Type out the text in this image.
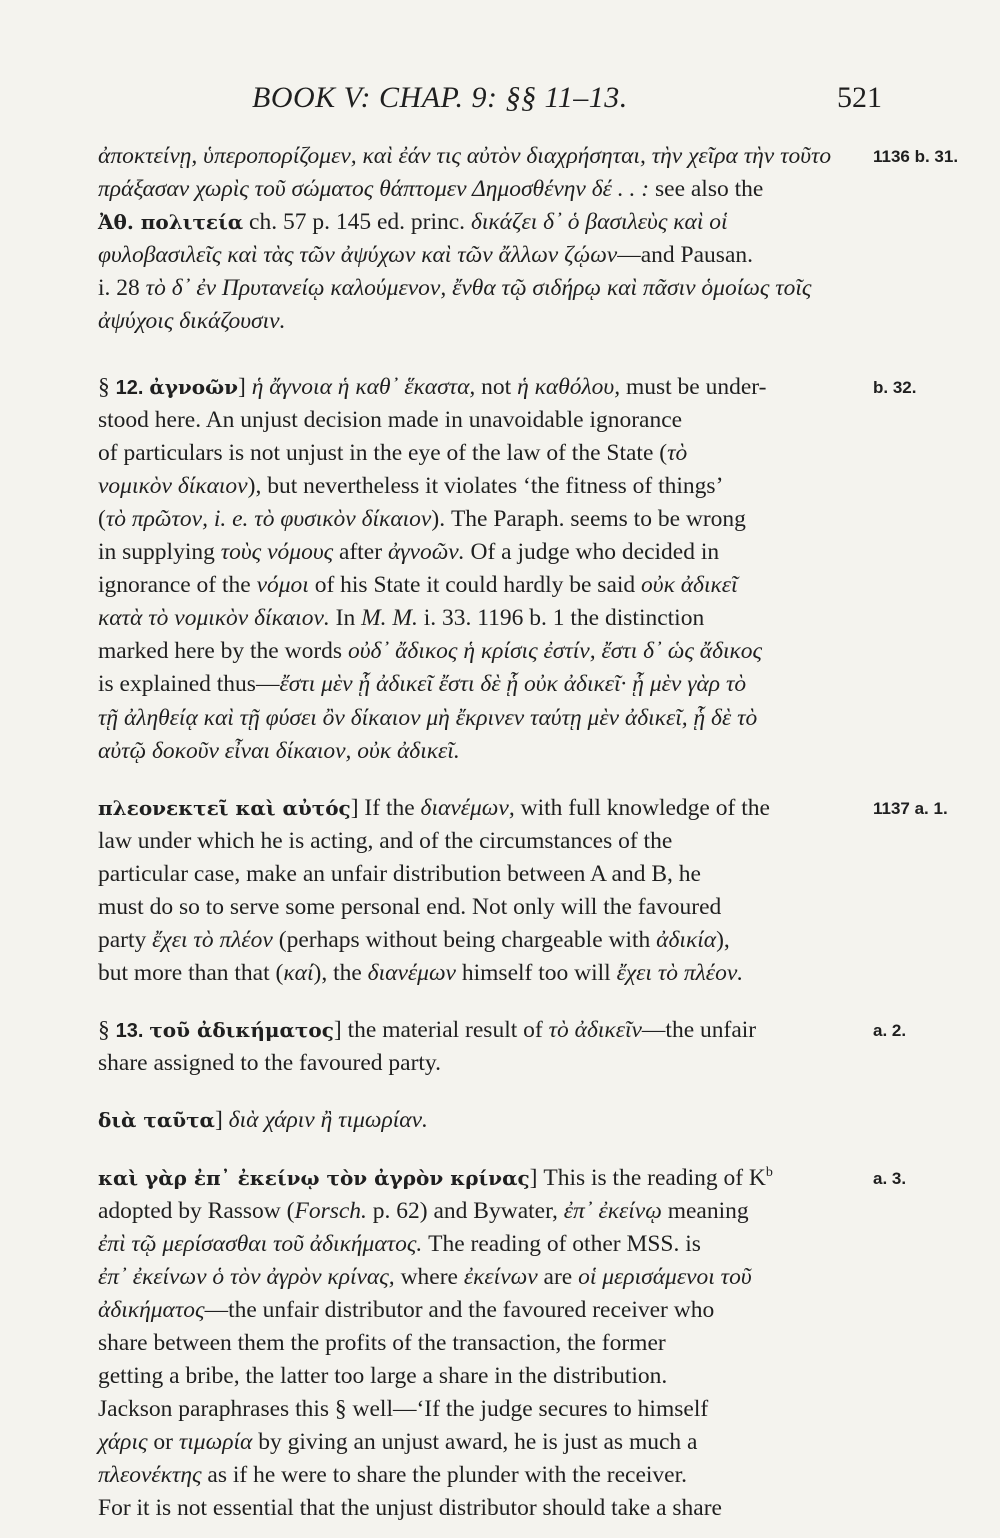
BOOK V: CHAP. 9: §§ 11–13.	521
ἀποκτείνῃ, ὑπεροπορίζομεν, καὶ ἐάν τις αὐτὸν διαχρήσηται, τὴν χεῖρα τὴν τοῦτο 1136 b. 31.
πράξασαν χωρὶς τοῦ σώματος θάπτομεν Δημοσθένην δέ . . : see also the
Ἀθ. πολιτεία ch. 57 p. 145 ed. princ. δικάζει δ᾽ ὁ βασιλεὺς καὶ οἱ
φυλοβασιλεῖς καὶ τὰς τῶν ἀψύχων καὶ τῶν ἄλλων ζῴων—and Pausan.
i. 28 τὸ δ᾽ ἐν Πρυτανείῳ καλούμενον, ἔνθα τῷ σιδήρῳ καὶ πᾶσιν ὁμοίως τοῖς
ἀψύχοις δικάζουσιν.
§ 12. ἀγνοῶν] ἡ ἄγνοια ἡ καθ᾽ ἕκαστα, not ἡ καθόλου, must be under-	b. 32.
stood here. An unjust decision made in unavoidable ignorance
of particulars is not unjust in the eye of the law of the State (τὸ
νομικὸν δίκαιον), but nevertheless it violates ‘the fitness of things’
(τὸ πρῶτον, i. e. τὸ φυσικὸν δίκαιον). The Paraph. seems to be wrong
in supplying τοὺς νόμους after ἀγνοῶν. Of a judge who decided in
ignorance of the νόμοι of his State it could hardly be said οὐκ ἀδικεῖ
κατὰ τὸ νομικὸν δίκαιον. In M. M. i. 33. 1196 b. 1 the distinction
marked here by the words οὐδ᾽ ἄδικος ἡ κρίσις ἐστίν, ἔστι δ᾽ ὡς ἄδικος
is explained thus—ἔστι μὲν ᾗ ἀδικεῖ ἔστι δὲ ᾗ οὐκ ἀδικεῖ· ᾗ μὲν γὰρ τὸ
τῇ ἀληθείᾳ καὶ τῇ φύσει ὂν δίκαιον μὴ ἔκρινεν ταύτῃ μὲν ἀδικεῖ, ᾗ δὲ τὸ
αὐτῷ δοκοῦν εἶναι δίκαιον, οὐκ ἀδικεῖ.
πλεονεκτεῖ καὶ αὐτός] If the διανέμων, with full knowledge of the	1137 a. 1.
law under which he is acting, and of the circumstances of the
particular case, make an unfair distribution between A and B, he
must do so to serve some personal end. Not only will the favoured
party ἔχει τὸ πλέον (perhaps without being chargeable with ἀδικία),
but more than that (καί), the διανέμων himself too will ἔχει τὸ πλέον.
§ 13. τοῦ ἀδικήματος] the material result of τὸ ἀδικεῖν—the unfair	a. 2.
share assigned to the favoured party.
διὰ ταῦτα] διὰ χάριν ἢ τιμωρίαν.
καὶ γὰρ ἐπ᾽ ἐκείνῳ τὸν ἀγρὸν κρίνας] This is the reading of $K^b$	a. 3.
adopted by Rassow (Forsch. p. 62) and Bywater, ἐπ᾽ ἐκείνῳ meaning
ἐπὶ τῷ μερίσασθαι τοῦ ἀδικήματος. The reading of other MSS. is
ἐπ᾽ ἐκείνων ὁ τὸν ἀγρὸν κρίνας, where ἐκείνων are οἱ μερισάμενοι τοῦ
ἀδικήματος—the unfair distributor and the favoured receiver who
share between them the profits of the transaction, the former
getting a bribe, the latter too large a share in the distribution.
Jackson paraphrases this § well—‘If the judge secures to himself
χάρις or τιμωρία by giving an unjust award, he is just as much a
πλεονέκτης as if he were to share the plunder with the receiver.
For it is not essential that the unjust distributor should take a share
